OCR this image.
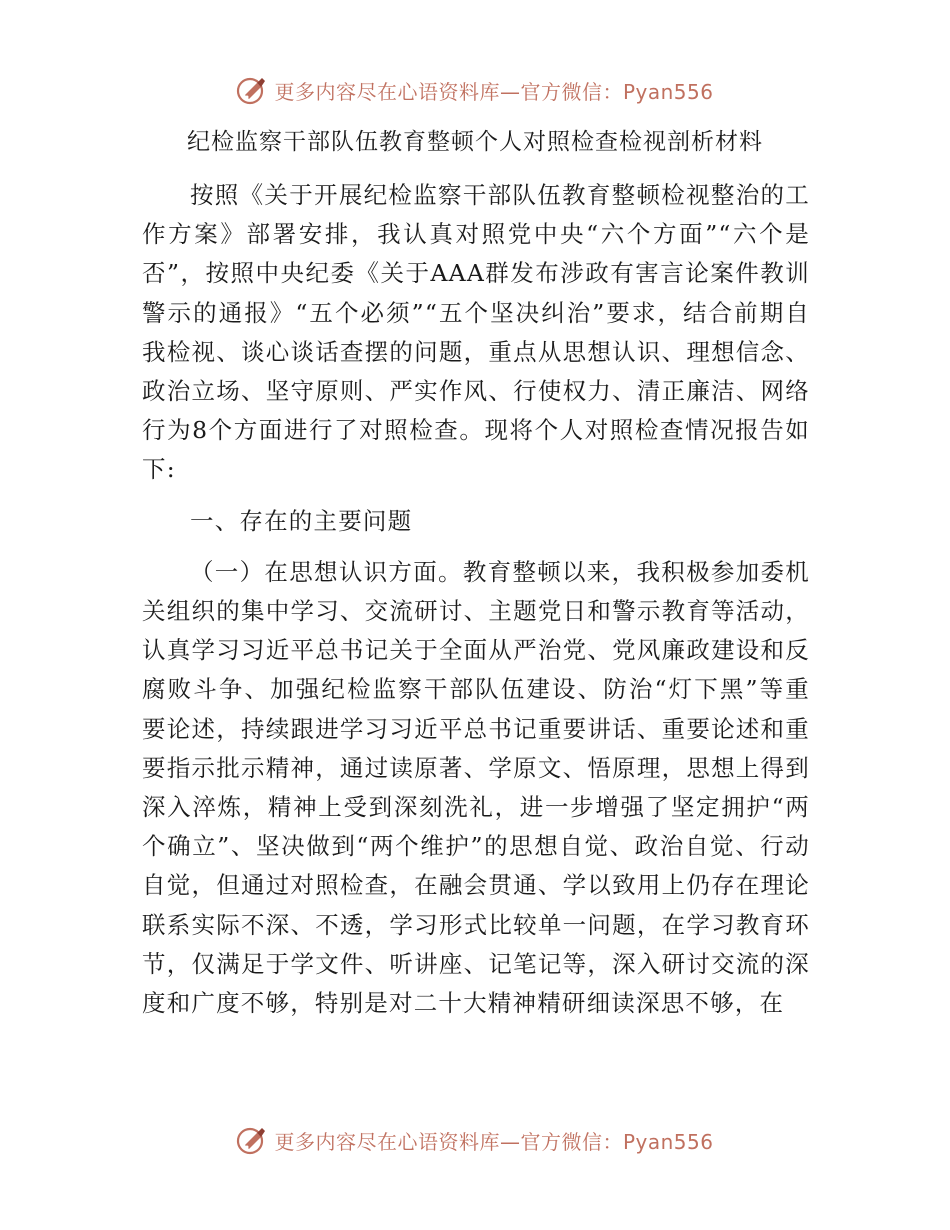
更多内容尽在心语资料库—官方微信：Pyan556
纪检监察干部队伍教育整顿个人对照检查检视剖析材料

按照《关于开展纪检监察干部队伍教育整顿检视整治的工作方案》部署安排，我认真对照党中央“六个方面”“六个是否”，按照中央纪委《关于AAA群发布涉政有害言论案件教训警示的通报》“五个必须”“五个坚决纠治”要求，结合前期自我检视、谈心谈话查摆的问题，重点从思想认识、理想信念、政治立场、坚守原则、严实作风、行使权力、清正廉洁、网络行为8个方面进行了对照检查。现将个人对照检查情况报告如下:

一、存在的主要问题

（一）在思想认识方面。教育整顿以来，我积极参加委机关组织的集中学习、交流研讨、主题党日和警示教育等活动，认真学习习近平总书记关于全面从严治党、党风廉政建设和反腐败斗争、加强纪检监察干部队伍建设、防治“灯下黑”等重要论述，持续跟进学习习近平总书记重要讲话、重要论述和重要指示批示精神，通过读原著、学原文、悟原理，思想上得到深入淬炼，精神上受到深刻洗礼，进一步增强了坚定拥护“两个确立”、坚决做到“两个维护”的思想自觉、政治自觉、行动自觉，但通过对照检查，在融会贯通、学以致用上仍存在理论联系实际不深、不透，学习形式比较单一问题，在学习教育环节，仅满足于学文件、听讲座、记笔记等，深入研讨交流的深度和广度不够，特别是对二十大精神精研细读深思不够，在

更多内容尽在心语资料库—官方微信：Pyan556
